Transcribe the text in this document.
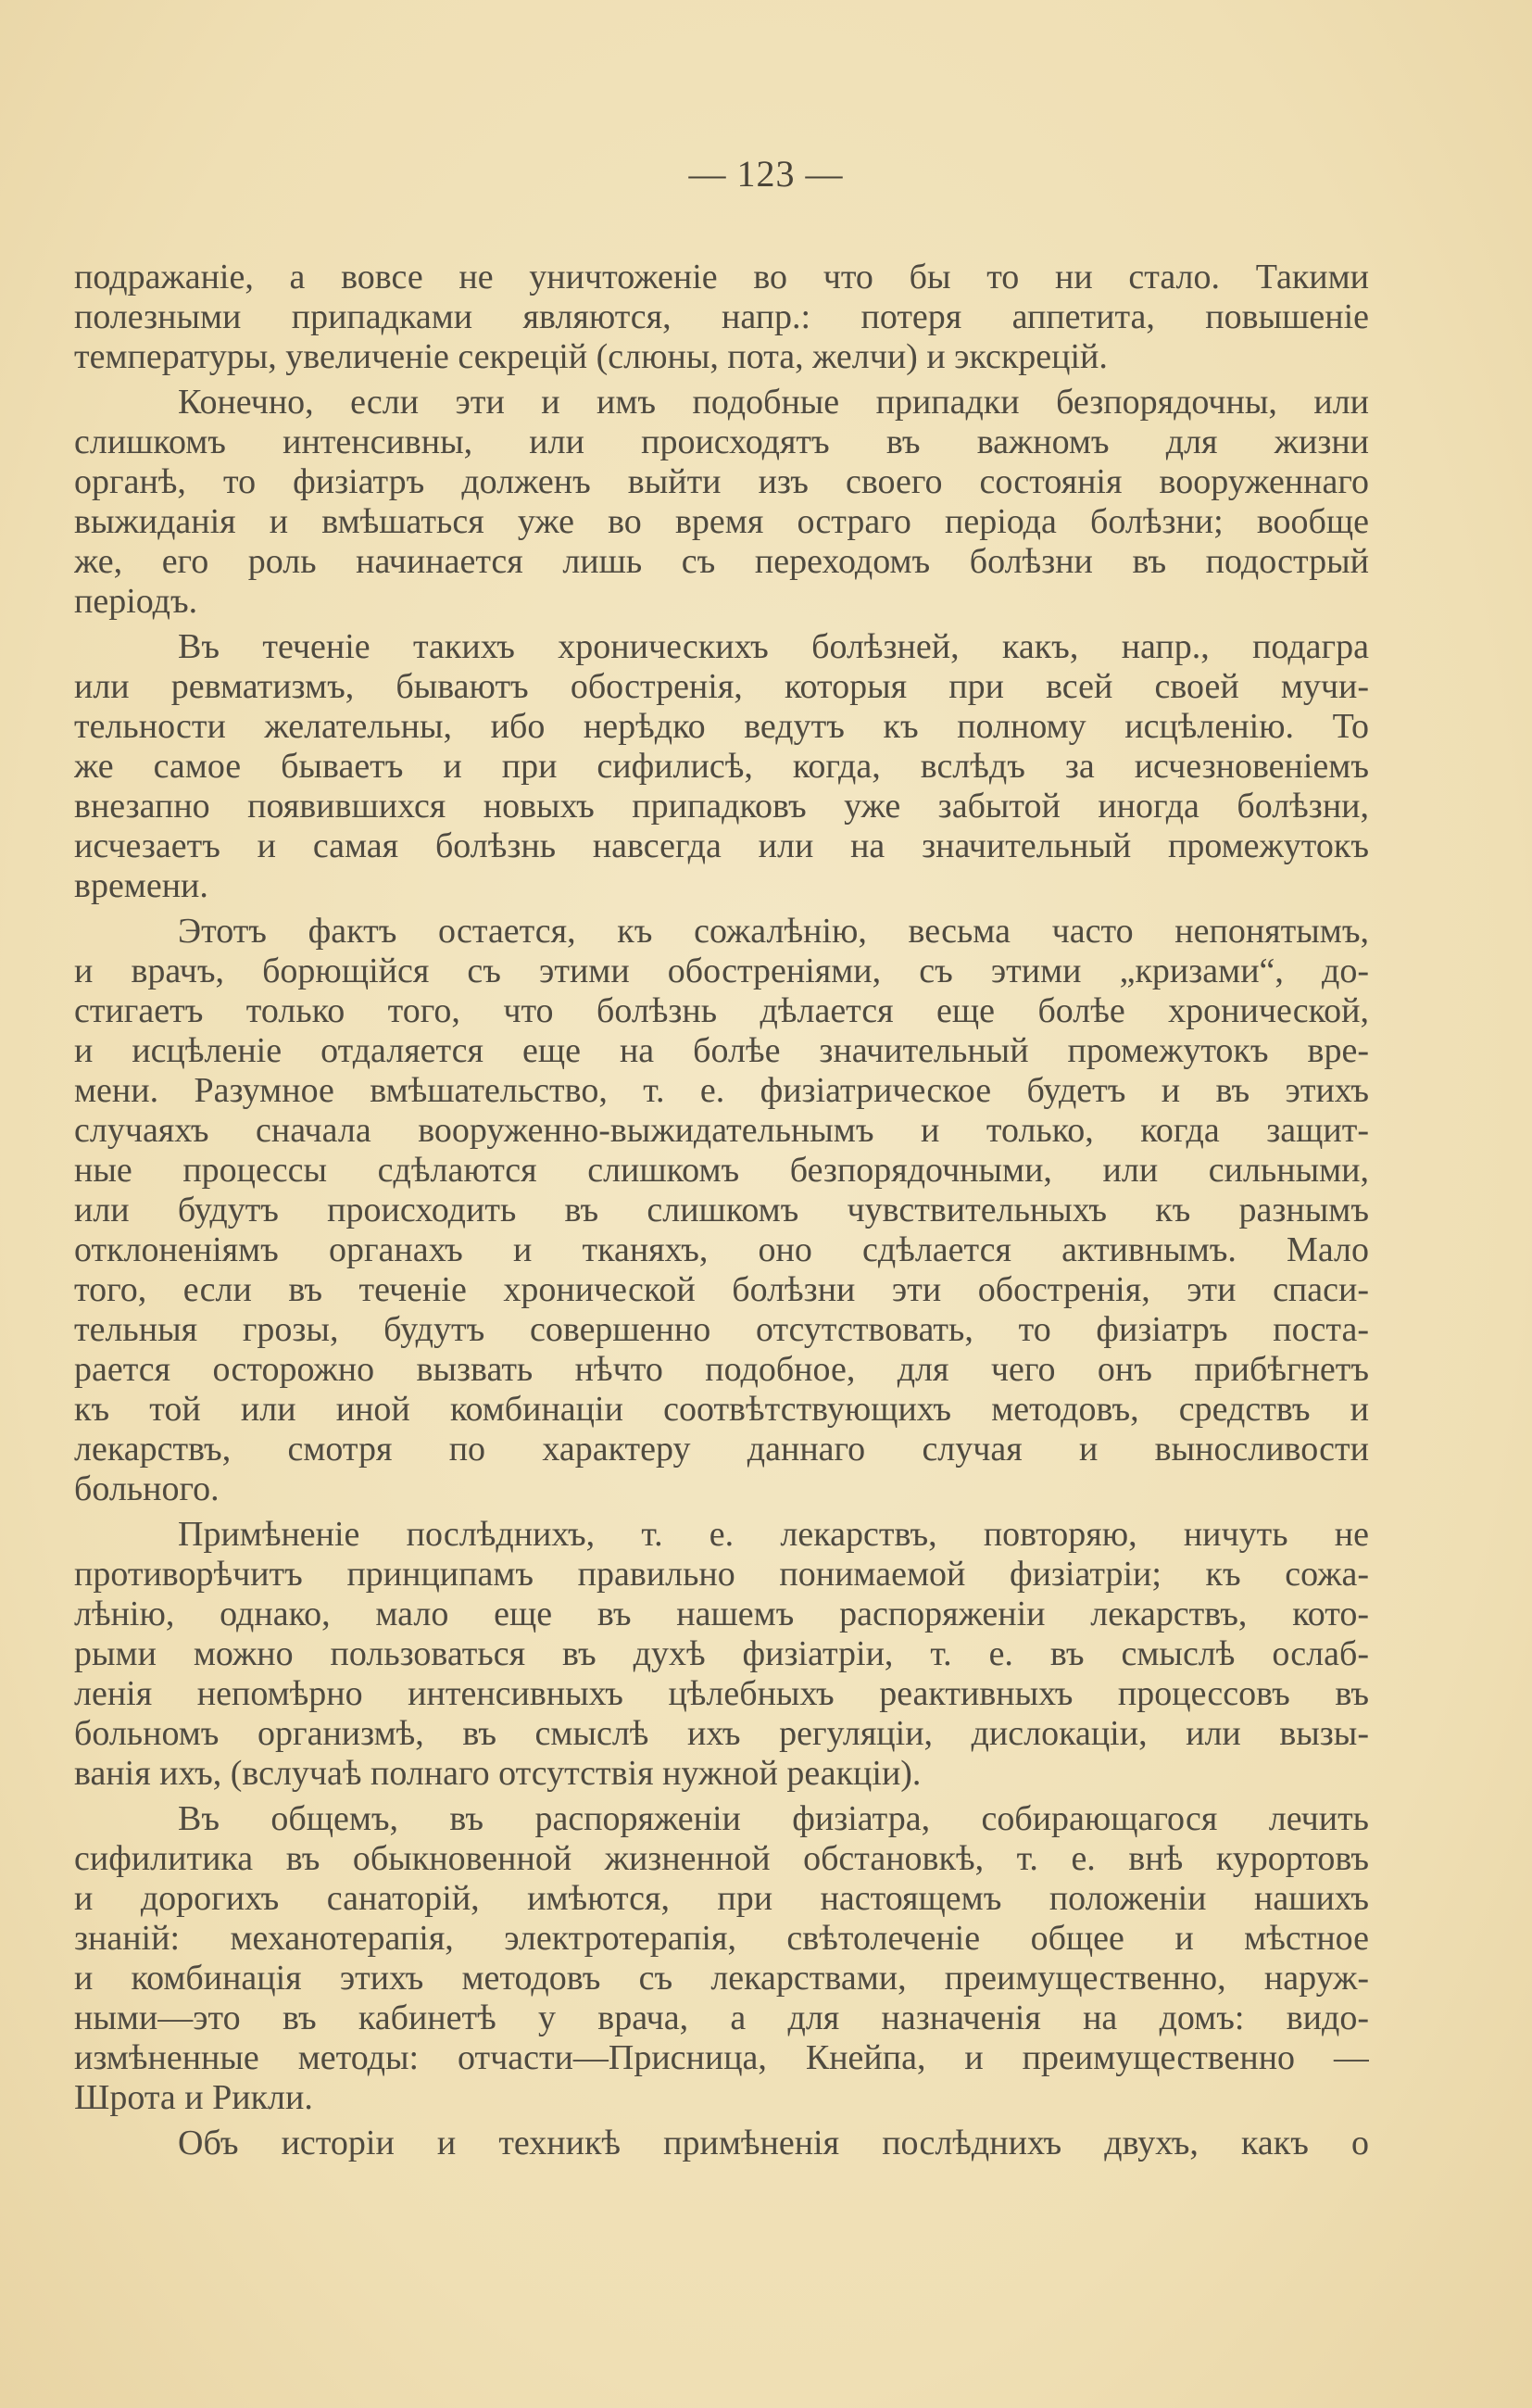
— 123 —
подражаніе, а вовсе не уничтоженіе во что бы то ни стало. Такими
полезными припадками являются, напр.: потеря аппетита, повышеніе
температуры, увеличеніе секрецій (слюны, пота, желчи) и экскрецій.
Конечно, если эти и имъ подобные припадки безпорядочны, или
слишкомъ интенсивны, или происходятъ въ важномъ для жизни
органѣ, то физіатръ долженъ выйти изъ своего состоянія вооруженнаго
выжиданія и вмѣшаться уже во время остраго періода болѣзни; вообще
же, его роль начинается лишь съ переходомъ болѣзни въ подострый
періодъ.
Въ теченіе такихъ хроническихъ болѣзней, какъ, напр., подагра
или ревматизмъ, бываютъ обостренія, которыя при всей своей мучи-
тельности желательны, ибо нерѣдко ведутъ къ полному исцѣленію. То
же самое бываетъ и при сифилисѣ, когда, вслѣдъ за исчезновеніемъ
внезапно появившихся новыхъ припадковъ уже забытой иногда болѣзни,
исчезаетъ и самая болѣзнь навсегда или на значительный промежутокъ
времени.
Этотъ фактъ остается, къ сожалѣнію, весьма часто непонятымъ,
и врачъ, борющійся съ этими обостреніями, съ этими „кризами“, до-
стигаетъ только того, что болѣзнь дѣлается еще болѣе хронической,
и исцѣленіе отдаляется еще на болѣе значительный промежутокъ вре-
мени. Разумное вмѣшательство, т. е. физіатрическое будетъ и въ этихъ
случаяхъ сначала вооруженно-выжидательнымъ и только, когда защит-
ные процессы сдѣлаются слишкомъ безпорядочными, или сильными,
или будутъ происходить въ слишкомъ чувствительныхъ къ разнымъ
отклоненіямъ органахъ и тканяхъ, оно сдѣлается активнымъ. Мало
того, если въ теченіе хронической болѣзни эти обостренія, эти спаси-
тельныя грозы, будутъ совершенно отсутствовать, то физіатръ поста-
рается осторожно вызвать нѣчто подобное, для чего онъ прибѣгнетъ
къ той или иной комбинаціи соотвѣтствующихъ методовъ, средствъ и
лекарствъ, смотря по характеру даннаго случая и выносливости
больного.
Примѣненіе послѣднихъ, т. е. лекарствъ, повторяю, ничуть не
противорѣчитъ принципамъ правильно понимаемой физіатріи; къ сожа-
лѣнію, однако, мало еще въ нашемъ распоряженіи лекарствъ, кото-
рыми можно пользоваться въ духѣ физіатріи, т. е. въ смыслѣ ослаб-
ленія непомѣрно интенсивныхъ цѣлебныхъ реактивныхъ процессовъ въ
больномъ организмѣ, въ смыслѣ ихъ регуляціи, дислокаціи, или вызы-
ванія ихъ, (вслучаѣ полнаго отсутствія нужной реакціи).
Въ общемъ, въ распоряженіи физіатра, собирающагося лечить
сифилитика въ обыкновенной жизненной обстановкѣ, т. е. внѣ курортовъ
и дорогихъ санаторій, имѣются, при настоящемъ положеніи нашихъ
знаній: механотерапія, электротерапія, свѣтолеченіе общее и мѣстное
и комбинація этихъ методовъ съ лекарствами, преимущественно, наруж-
ными—это въ кабинетѣ у врача, а для назначенія на домъ: видо-
измѣненные методы: отчасти—Присница, Кнейпа, и преимущественно —
Шрота и Рикли.
Объ исторіи и техникѣ примѣненія послѣднихъ двухъ, какъ о
